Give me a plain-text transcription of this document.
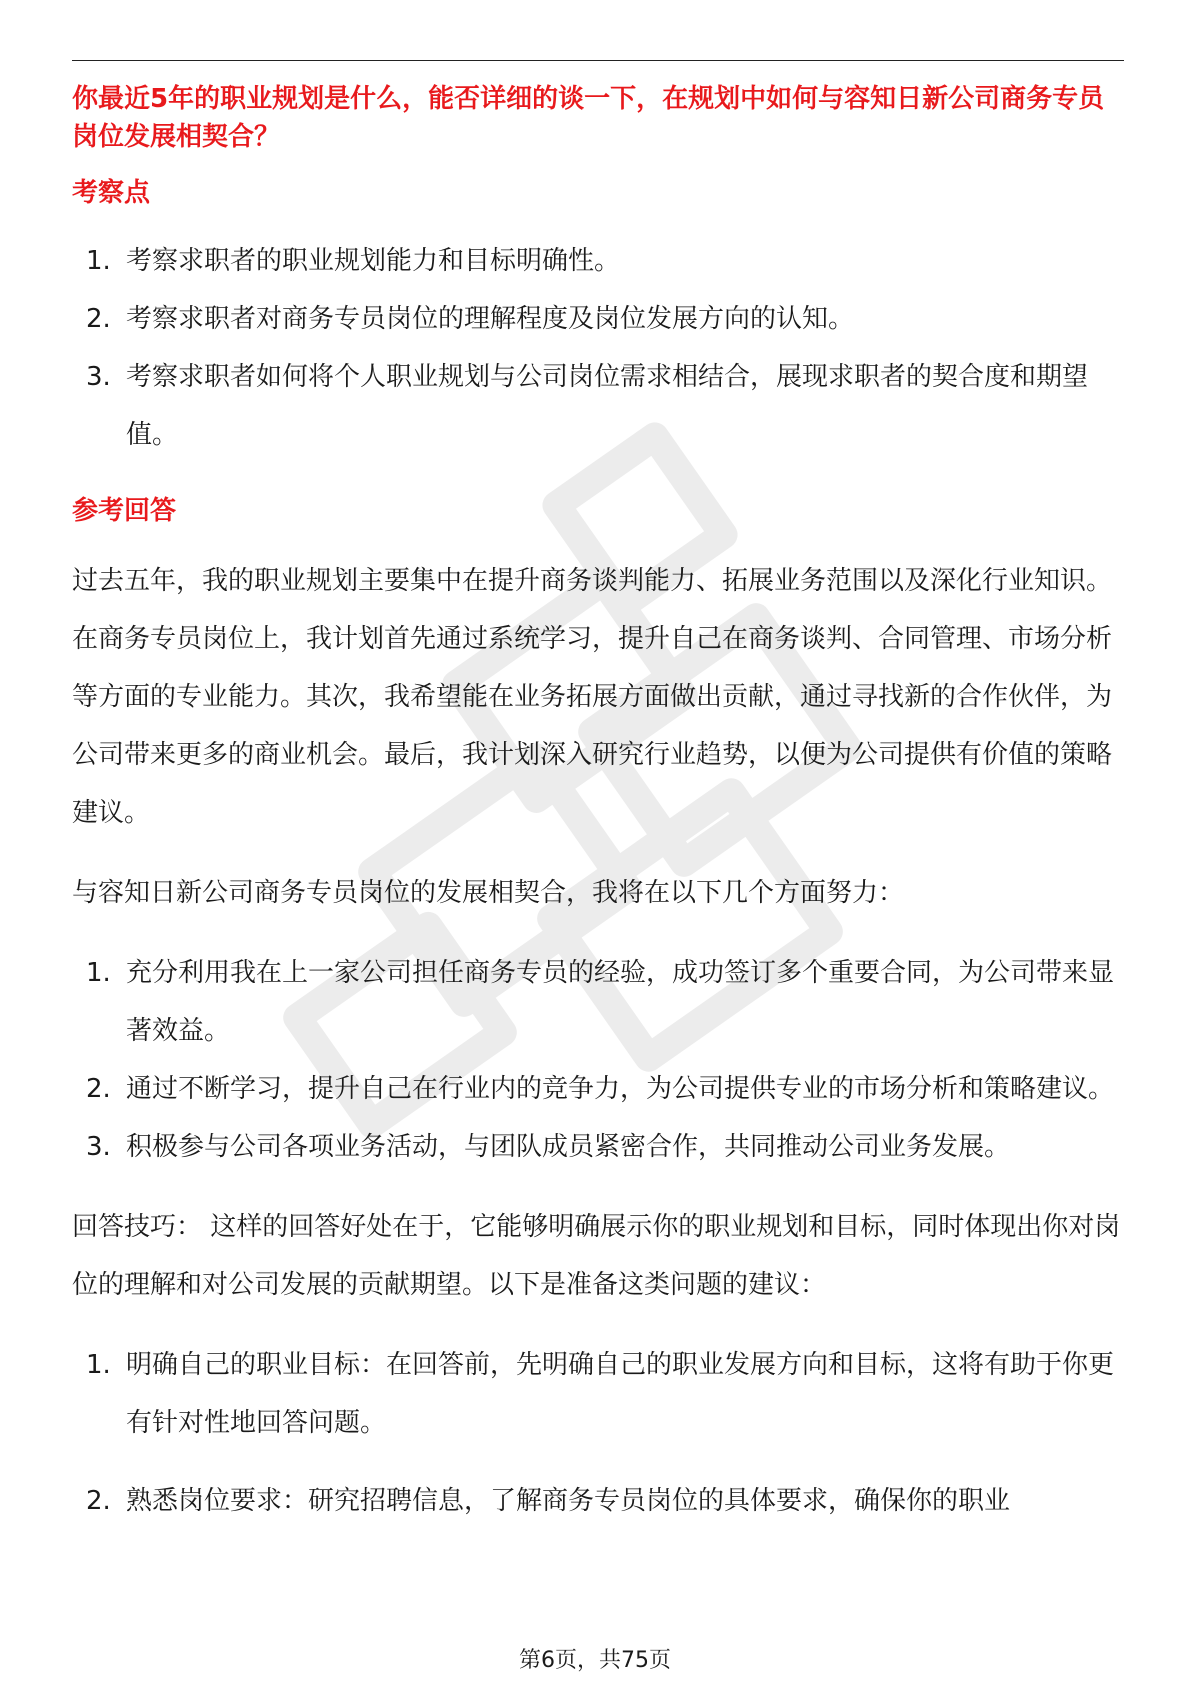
你最近5年的职业规划是什么，能否详细的谈一下，在规划中如何与容知日新公司商务专员岗位发展相契合？

考察点

1. 考察求职者的职业规划能力和目标明确性。
2. 考察求职者对商务专员岗位的理解程度及岗位发展方向的认知。
3. 考察求职者如何将个人职业规划与公司岗位需求相结合，展现求职者的契合度和期望值。

参考回答

过去五年，我的职业规划主要集中在提升商务谈判能力、拓展业务范围以及深化行业知识。在商务专员岗位上，我计划首先通过系统学习，提升自己在商务谈判、合同管理、市场分析等方面的专业能力。其次，我希望能在业务拓展方面做出贡献，通过寻找新的合作伙伴，为公司带来更多的商业机会。最后，我计划深入研究行业趋势，以便为公司提供有价值的策略建议。

与容知日新公司商务专员岗位的发展相契合，我将在以下几个方面努力：

1. 充分利用我在上一家公司担任商务专员的经验，成功签订多个重要合同，为公司带来显著效益。
2. 通过不断学习，提升自己在行业内的竞争力，为公司提供专业的市场分析和策略建议。
3. 积极参与公司各项业务活动，与团队成员紧密合作，共同推动公司业务发展。

回答技巧： 这样的回答好处在于，它能够明确展示你的职业规划和目标，同时体现出你对岗位的理解和对公司发展的贡献期望。以下是准备这类问题的建议：

1. 明确自己的职业目标：在回答前，先明确自己的职业发展方向和目标，这将有助于你更有针对性地回答问题。
2. 熟悉岗位要求：研究招聘信息，了解商务专员岗位的具体要求，确保你的职业
第6页，共75页
